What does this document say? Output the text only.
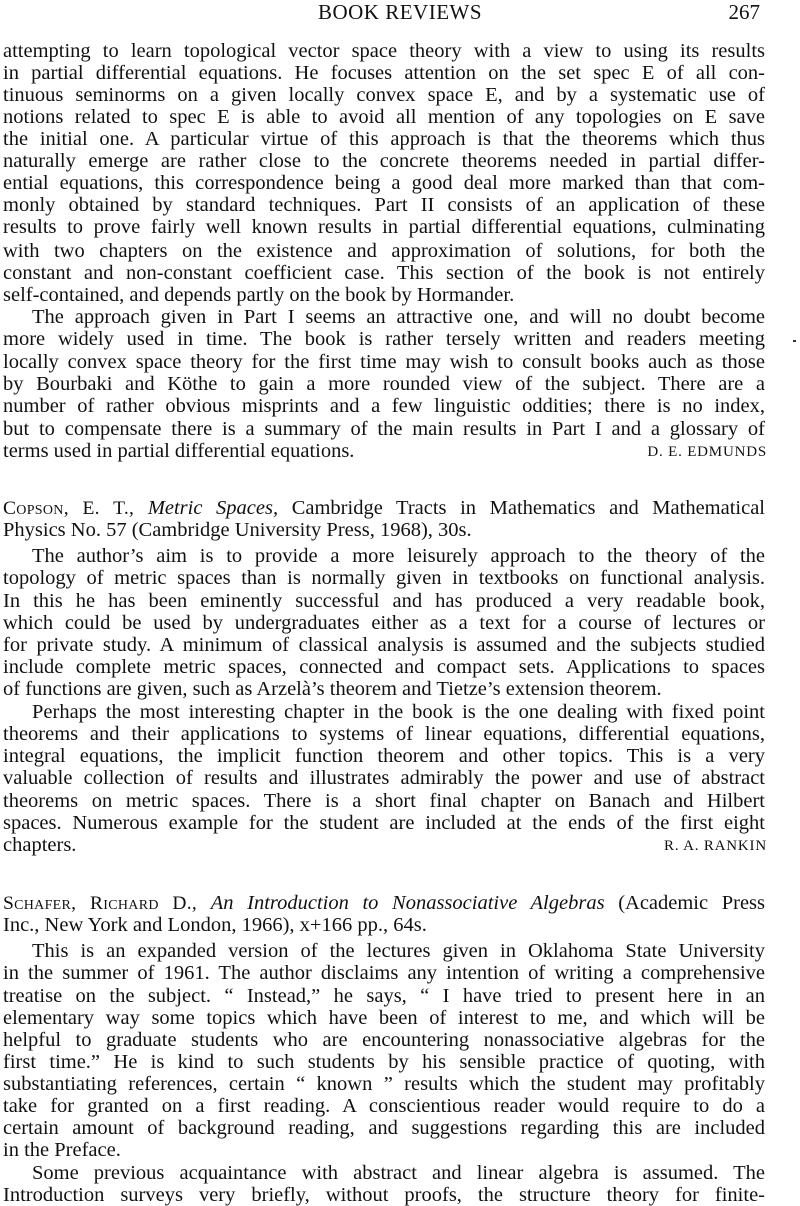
BOOK REVIEWS	267
attempting to learn topological vector space theory with a view to using its results
in partial differential equations. He focuses attention on the set spec E of all con-
tinuous seminorms on a given locally convex space E, and by a systematic use of
notions related to spec E is able to avoid all mention of any topologies on E save
the initial one. A particular virtue of this approach is that the theorems which thus
naturally emerge are rather close to the concrete theorems needed in partial differ-
ential equations, this correspondence being a good deal more marked than that com-
monly obtained by standard techniques. Part II consists of an application of these
results to prove fairly well known results in partial differential equations, culminating
with two chapters on the existence and approximation of solutions, for both the
constant and non-constant coefficient case. This section of the book is not entirely
self-contained, and depends partly on the book by Hormander.
The approach given in Part I seems an attractive one, and will no doubt become
more widely used in time. The book is rather tersely written and readers meeting
locally convex space theory for the first time may wish to consult books auch as those
by Bourbaki and Köthe to gain a more rounded view of the subject. There are a
number of rather obvious misprints and a few linguistic oddities; there is no index,
but to compensate there is a summary of the main results in Part I and a glossary of
terms used in partial differential equations.	D. E. EDMUNDS
Copson, E. T., Metric Spaces, Cambridge Tracts in Mathematics and Mathematical
Physics No. 57 (Cambridge University Press, 1968), 30s.
The author’s aim is to provide a more leisurely approach to the theory of the
topology of metric spaces than is normally given in textbooks on functional analysis.
In this he has been eminently successful and has produced a very readable book,
which could be used by undergraduates either as a text for a course of lectures or
for private study. A minimum of classical analysis is assumed and the subjects studied
include complete metric spaces, connected and compact sets. Applications to spaces
of functions are given, such as Arzelà’s theorem and Tietze’s extension theorem.
Perhaps the most interesting chapter in the book is the one dealing with fixed point
theorems and their applications to systems of linear equations, differential equations,
integral equations, the implicit function theorem and other topics. This is a very
valuable collection of results and illustrates admirably the power and use of abstract
theorems on metric spaces. There is a short final chapter on Banach and Hilbert
spaces. Numerous example for the student are included at the ends of the first eight
chapters.	R. A. RANKIN
Schafer, Richard D., An Introduction to Nonassociative Algebras (Academic Press
Inc., New York and London, 1966), x+166 pp., 64s.
This is an expanded version of the lectures given in Oklahoma State University
in the summer of 1961. The author disclaims any intention of writing a comprehensive
treatise on the subject. “ Instead,” he says, “ I have tried to present here in an
elementary way some topics which have been of interest to me, and which will be
helpful to graduate students who are encountering nonassociative algebras for the
first time.” He is kind to such students by his sensible practice of quoting, with
substantiating references, certain “ known ” results which the student may profitably
take for granted on a first reading. A conscientious reader would require to do a
certain amount of background reading, and suggestions regarding this are included
in the Preface.
Some previous acquaintance with abstract and linear algebra is assumed. The
Introduction surveys very briefly, without proofs, the structure theory for finite-
